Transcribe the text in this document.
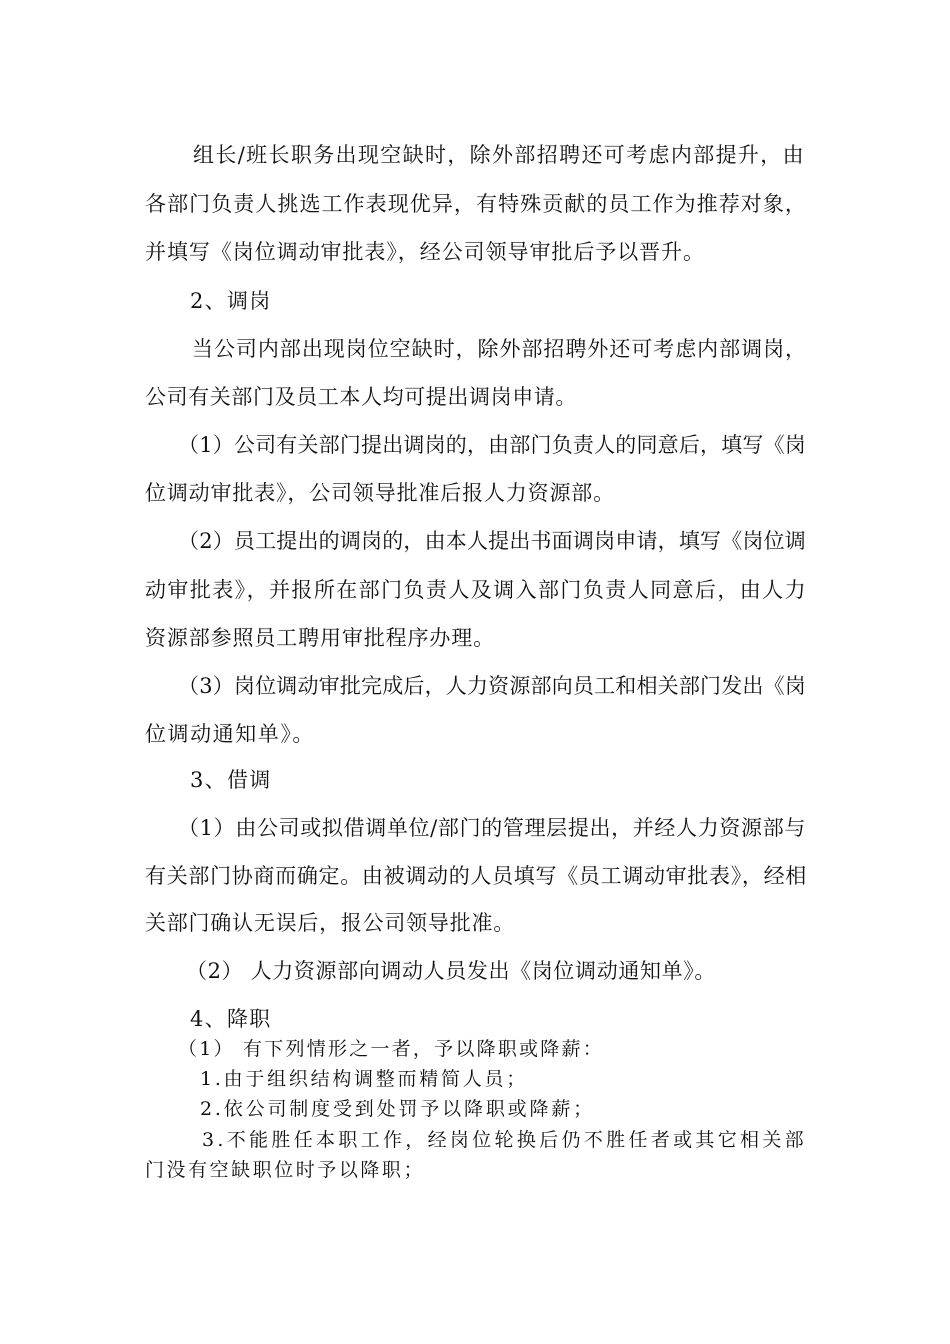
组长/班长职务出现空缺时，除外部招聘还可考虑内部提升，由
各部门负责人挑选工作表现优异，有特殊贡献的员工作为推荐对象，
并填写《岗位调动审批表》，经公司领导审批后予以晋升。
2、调岗
当公司内部出现岗位空缺时，除外部招聘外还可考虑内部调岗，
公司有关部门及员工本人均可提出调岗申请。
（1）公司有关部门提出调岗的，由部门负责人的同意后，填写《岗
位调动审批表》，公司领导批准后报人力资源部。
（2）员工提出的调岗的，由本人提出书面调岗申请，填写《岗位调
动审批表》，并报所在部门负责人及调入部门负责人同意后，由人力
资源部参照员工聘用审批程序办理。
（3）岗位调动审批完成后，人力资源部向员工和相关部门发出《岗
位调动通知单》。
3、借调
（1）由公司或拟借调单位/部门的管理层提出，并经人力资源部与
有关部门协商而确定。由被调动的人员填写《员工调动审批表》，经相
关部门确认无误后，报公司领导批准。
（2） 人力资源部向调动人员发出《岗位调动通知单》。
4、降职
（1） 有下列情形之一者，予以降职或降薪：
1.由于组织结构调整而精简人员；
2.依公司制度受到处罚予以降职或降薪；
3.不能胜任本职工作，经岗位轮换后仍不胜任者或其它相关部
门没有空缺职位时予以降职；
